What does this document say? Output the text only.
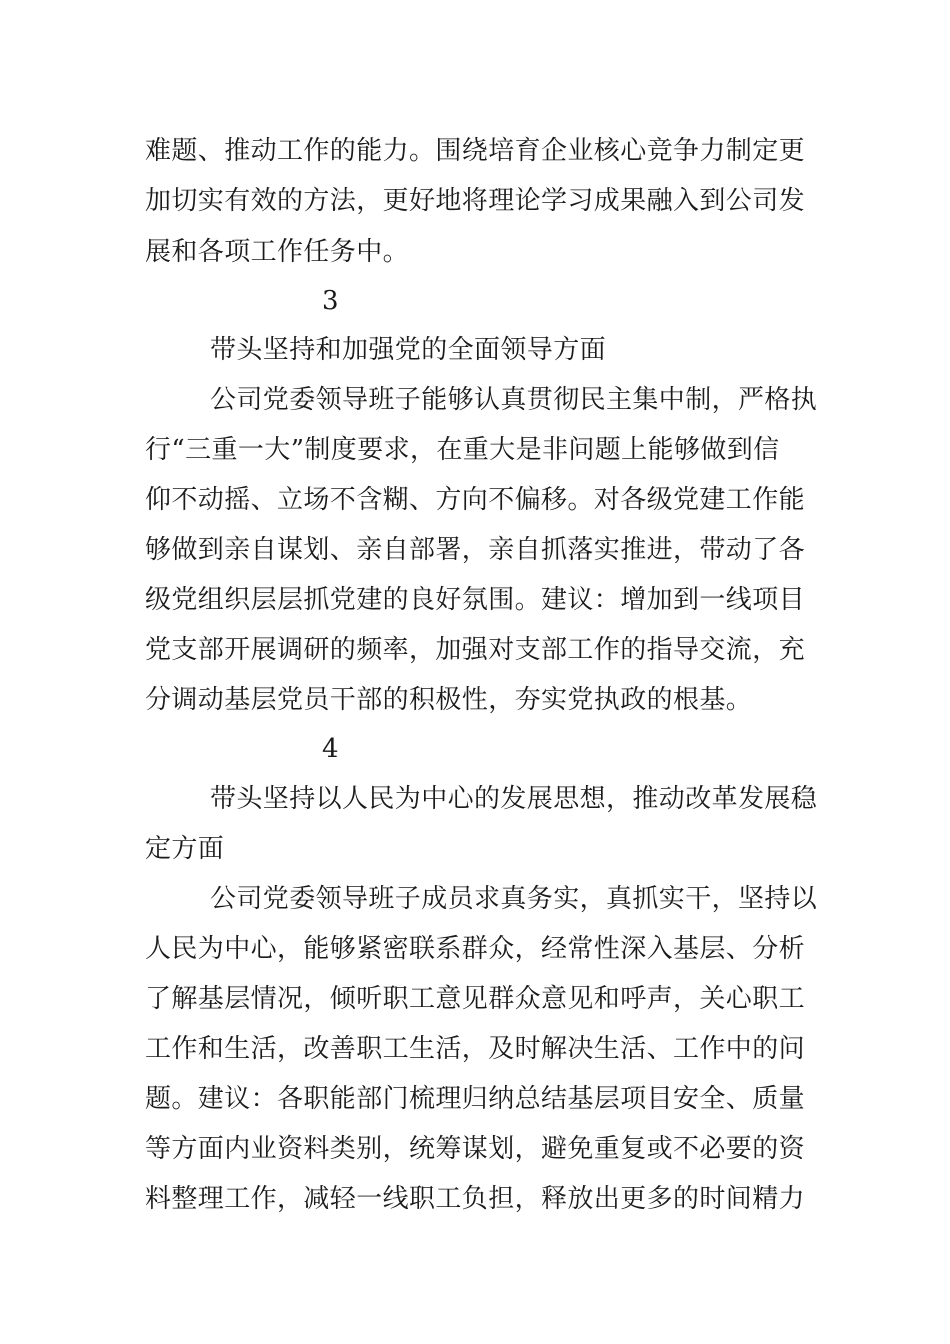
难题、推动工作的能力。围绕培育企业核心竞争力制定更
加切实有效的方法，更好地将理论学习成果融入到公司发
展和各项工作任务中。
3
带头坚持和加强党的全面领导方面
公司党委领导班子能够认真贯彻民主集中制，严格执
行“三重一大”制度要求，在重大是非问题上能够做到信
仰不动摇、立场不含糊、方向不偏移。对各级党建工作能
够做到亲自谋划、亲自部署，亲自抓落实推进，带动了各
级党组织层层抓党建的良好氛围。建议：增加到一线项目
党支部开展调研的频率，加强对支部工作的指导交流，充
分调动基层党员干部的积极性，夯实党执政的根基。
4
带头坚持以人民为中心的发展思想，推动改革发展稳
定方面
公司党委领导班子成员求真务实，真抓实干，坚持以
人民为中心，能够紧密联系群众，经常性深入基层、分析
了解基层情况，倾听职工意见群众意见和呼声，关心职工
工作和生活，改善职工生活，及时解决生活、工作中的问
题。建议：各职能部门梳理归纳总结基层项目安全、质量
等方面内业资料类别，统筹谋划，避免重复或不必要的资
料整理工作，减轻一线职工负担，释放出更多的时间精力
